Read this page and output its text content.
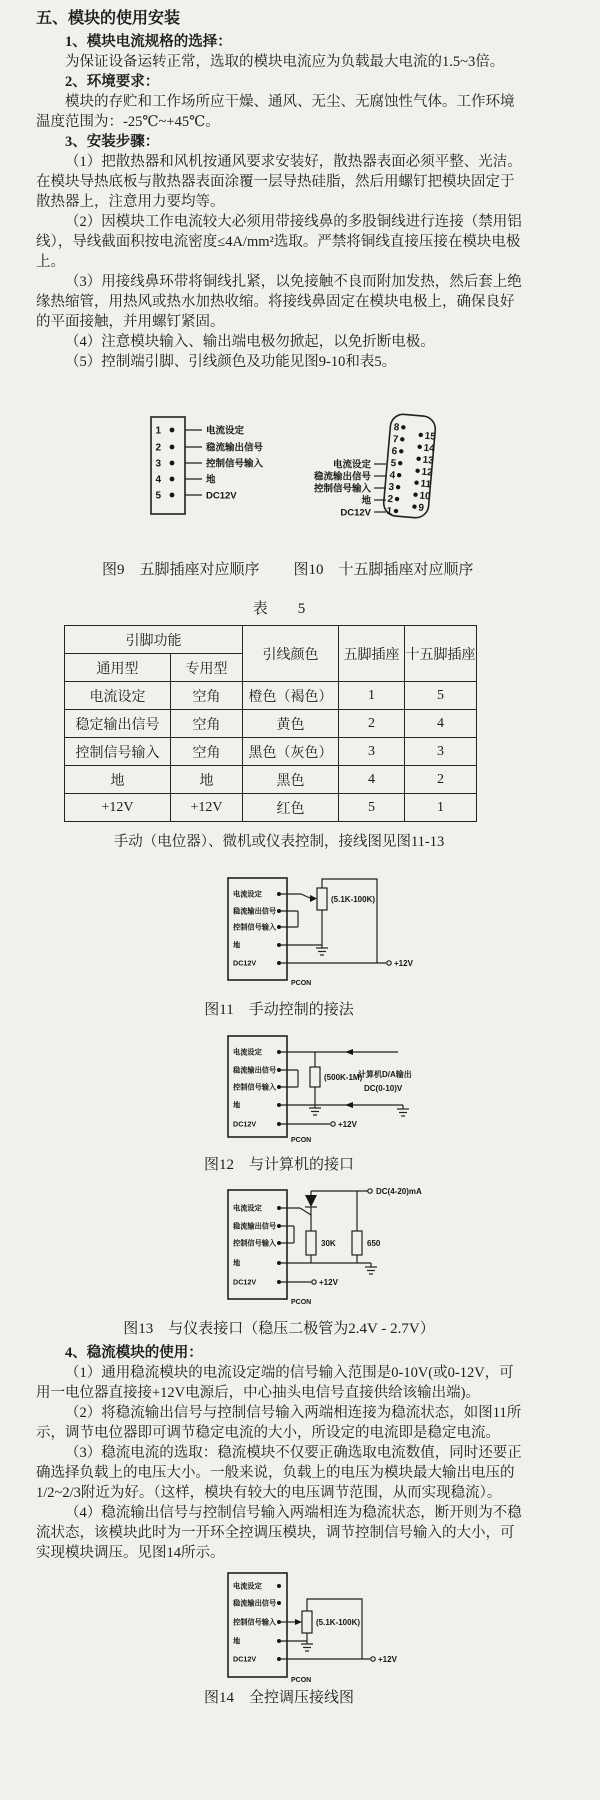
五、模块的使用安装

1、模块电流规格的选择：

为保证设备运转正常，选取的模块电流应为负载最大电流的1.5~3倍。

2、环境要求：

模块的存贮和工作场所应干燥、通风、无尘、无腐蚀性气体。工作环境温度范围为：-25℃~+45℃。

3、安装步骤：

（1）把散热器和风机按通风要求安装好，散热器表面必须平整、光洁。在模块导热底板与散热器表面涂覆一层导热硅脂，然后用螺钉把模块固定于散热器上，注意用力要均等。

（2）因模块工作电流较大必须用带接线鼻的多股铜线进行连接（禁用铝线），导线截面积按电流密度≤4A/mm²选取。严禁将铜线直接压接在模块电极上。

（3）用接线鼻环带将铜线扎紧，以免接触不良而附加发热，然后套上绝缘热缩管，用热风或热水加热收缩。将接线鼻固定在模块电极上，确保良好的平面接触，并用螺钉紧固。

（4）注意模块输入、输出端电极勿掀起，以免折断电极。

（5）控制端引脚、引线颜色及功能见图9-10和表5。

1	电流设定
2	稳流输出信号
3	控制信号输入
4	地
5	DC12V
电流设定
稳流输出信号
控制信号输入
地
DC12V
8
7
6
5
4
3
2
1
15
14
13
12
11
10
9
图9　五脚插座对应顺序 图10　十五脚插座对应顺序

表　　5

引脚功能		引线颜色	五脚插座	十五脚插座
通用型	专用型			
电流设定	空角	橙色（褐色）	1	5
稳定输出信号	空角	黄色	2	4
控制信号输入	空角	黑色（灰色）	3	3
地	地	黑色	4	2
+12V	+12V	红色	5	1

手动（电位器）、微机或仪表控制，接线图见图11-13

电流设定
稳流输出信号
控制信号输入
地
DC12V
PCON
+12V
(5.1K-100K)

图11　手动控制的接法

电流设定
稳流输出信号
控制信号输入
地
DC12V
PCON
+12V
(500K-1M)
计算机D/A输出
DC(0-10)V

图12　与计算机的接口

电流设定
稳流输出信号
控制信号输入
地
DC12V
PCON
DC(4-20)mA
+12V
30K	650

图13　与仪表接口（稳压二极管为2.4V - 2.7V）

4、稳流模块的使用：

（1）通用稳流模块的电流设定端的信号输入范围是0-10V(或0-12V，可用一电位器直接接+12V电源后，中心抽头电信号直接供给该输出端)。

（2）将稳流输出信号与控制信号输入两端相连接为稳流状态，如图11所示，调节电位器即可调节稳定电流的大小，所设定的电流即是稳定电流。

（3）稳流电流的选取：稳流模块不仅要正确选取电流数值，同时还要正确选择负载上的电压大小。一般来说，负载上的电压为模块最大输出电压的1/2~2/3附近为好。（这样，模块有较大的电压调节范围，从而实现稳流）。

（4）稳流输出信号与控制信号输入两端相连为稳流状态，断开则为不稳流状态，该模块此时为一开环全控调压模块，调节控制信号输入的大小，可实现模块调压。见图14所示。

电流设定
稳流输出信号
控制信号输入
地
DC12V
PCON
+12V
(5.1K-100K)

图14　全控调压接线图
